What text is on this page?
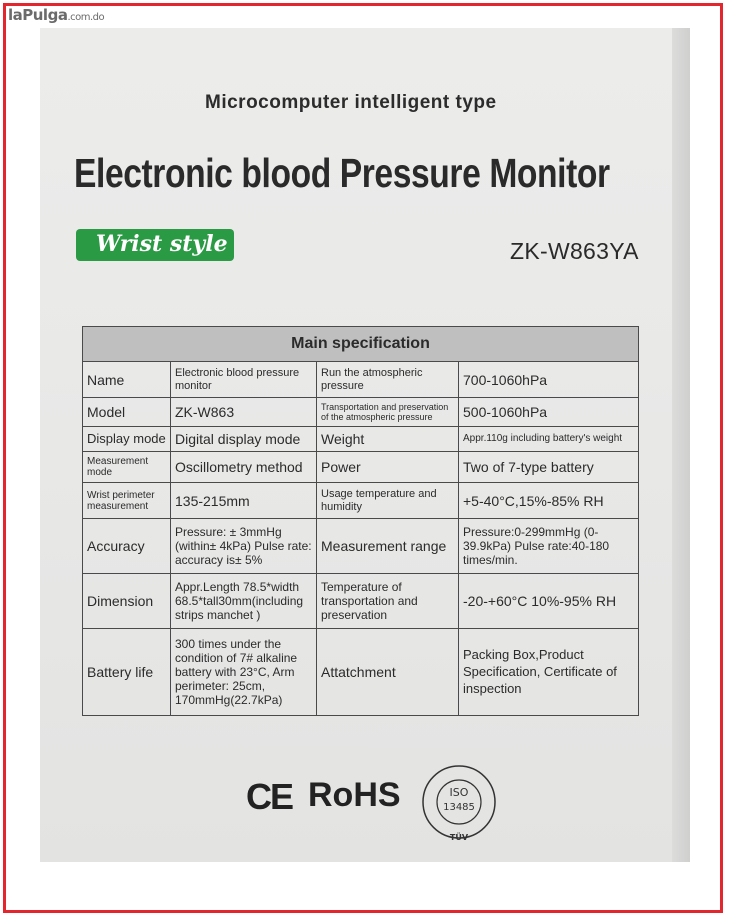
laPulga.com.do
Microcomputer intelligent type
Electronic blood Pressure Monitor
Wrist style	ZK-W863YA
Main specification			
Name	Electronic blood pressure monitor	Run the atmospheric pressure	700-1060hPa
Model	ZK-W863	Transportation and preservation of the atmospheric pressure	500-1060hPa
Display mode	Digital display mode	Weight	Appr.110g including battery's weight
Measurement mode	Oscillometry method	Power	Two of 7-type battery
Wrist perimeter measurement	135-215mm	Usage temperature and humidity	+5-40°C,15%-85% RH
Accuracy	Pressure: ± 3mmHg (within± 4kPa) Pulse rate: accuracy is± 5%	Measurement range	Pressure:0-299mmHg (0-39.9kPa) Pulse rate:40-180 times/min.
Dimension	Appr.Length 78.5*width 68.5*tall30mm(including strips manchet )	Temperature of transportation and preservation	-20-+60°C 10%-95% RH
Battery life	300 times under the condition of 7# alkaline battery with 23°C, Arm perimeter: 25cm, 170mmHg(22.7kPa)	Attatchment	Packing Box,Product Specification, Certificate of inspection
CE RoHS	ISO
13485
TÜV
